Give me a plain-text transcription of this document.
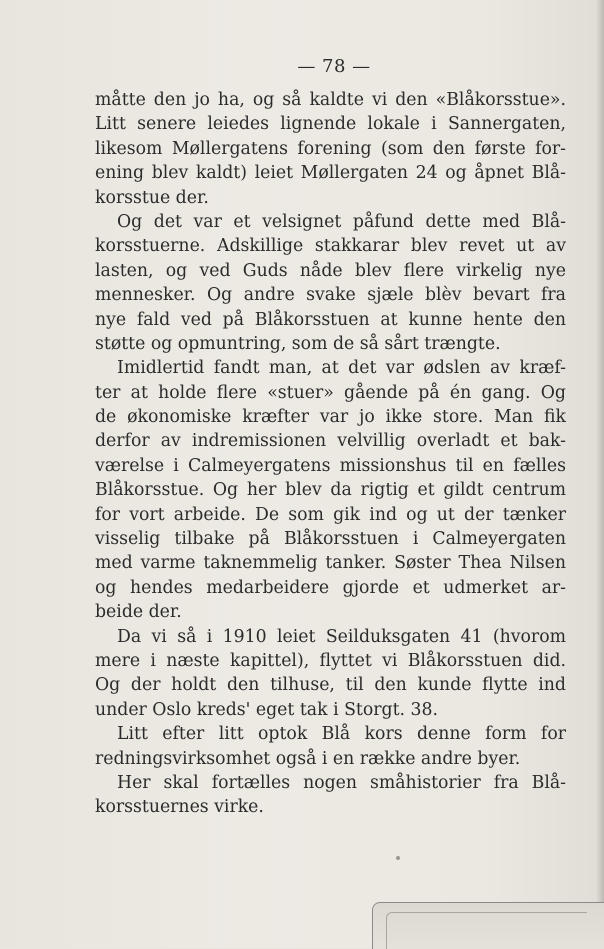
— 78 —
måtte den jo ha, og så kaldte vi den «Blåkorsstue».
Litt senere leiedes lignende lokale i Sannergaten,
likesom Møllergatens forening (som den første for-
ening blev kaldt) leiet Møllergaten 24 og åpnet Blå-
korsstue der.
Og det var et velsignet påfund dette med Blå-
korsstuerne. Adskillige stakkarar blev revet ut av
lasten, og ved Guds nåde blev flere virkelig nye
mennesker. Og andre svake sjæle blèv bevart fra
nye fald ved på Blåkorsstuen at kunne hente den
støtte og opmuntring, som de så sårt trængte.
Imidlertid fandt man, at det var ødslen av kræf-
ter at holde flere «stuer» gående på én gang. Og
de økonomiske kræfter var jo ikke store. Man fik
derfor av indremissionen velvillig overladt et bak-
værelse i Calmeyergatens missionshus til en fælles
Blåkorsstue. Og her blev da rigtig et gildt centrum
for vort arbeide. De som gik ind og ut der tænker
visselig tilbake på Blåkorsstuen i Calmeyergaten
med varme taknemmelig tanker. Søster Thea Nilsen
og hendes medarbeidere gjorde et udmerket ar-
beide der.
Da vi så i 1910 leiet Seilduksgaten 41 (hvorom
mere i næste kapittel), flyttet vi Blåkorsstuen did.
Og der holdt den tilhuse, til den kunde flytte ind
under Oslo kreds' eget tak i Storgt. 38.
Litt efter litt optok Blå kors denne form for
redningsvirksomhet også i en række andre byer.
Her skal fortælles nogen småhistorier fra Blå-
korsstuernes virke.
